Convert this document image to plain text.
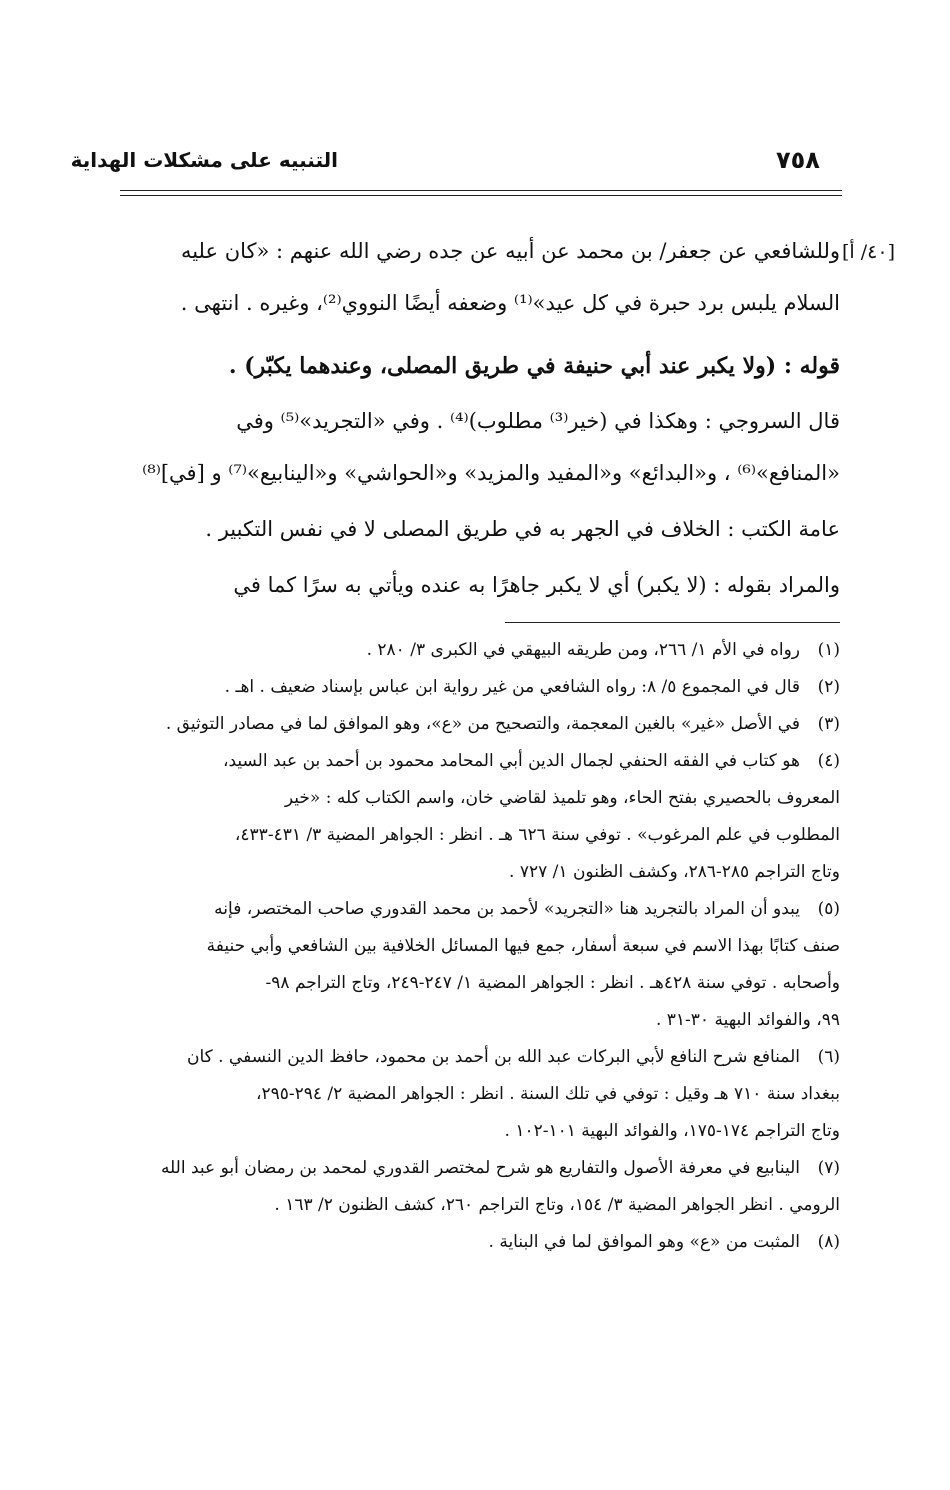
التنبيه على مشكلات الهداية	٧٥٨
[٤٠/ أ]
وللشافعي عن جعفر/ بن محمد عن أبيه عن جده رضي الله عنهم : «كان عليه
السلام يلبس برد حبرة في كل عيد»⁽¹⁾ وضعفه أيضًا النووي⁽²⁾، وغيره . انتهى .
قوله : (ولا يكبر عند أبي حنيفة في طريق المصلى، وعندهما يكبّر) .
قال السروجي : وهكذا في (خير⁽³⁾ مطلوب)⁽⁴⁾ . وفي «التجريد»⁽⁵⁾ وفي
«المنافع»⁽⁶⁾ ، و«البدائع» و«المفيد والمزيد» و«الحواشي» و«الينابيع»⁽⁷⁾ و [في]⁽⁸⁾
عامة الكتب : الخلاف في الجهر به في طريق المصلى لا في نفس التكبير .
والمراد بقوله : (لا يكبر) أي لا يكبر جاهرًا به عنده ويأتي به سرًا كما في
(١)
رواه في الأم ١/ ٢٦٦، ومن طريقه البيهقي في الكبرى ٣/ ٢٨٠ .
(٢)
قال في المجموع ٥/ ٨: رواه الشافعي من غير رواية ابن عباس بإسناد ضعيف . اهـ .
(٣)
في الأصل «غير» بالغين المعجمة، والتصحيح من «ع»، وهو الموافق لما في مصادر التوثيق .
(٤)
هو كتاب في الفقه الحنفي لجمال الدين أبي المحامد محمود بن أحمد بن عبد السيد،
المعروف بالحصيري بفتح الحاء، وهو تلميذ لقاضي خان، واسم الكتاب كله : «خير
المطلوب في علم المرغوب» . توفي سنة ٦٢٦ هـ . انظر : الجواهر المضية ٣/ ٤٣١-٤٣٣،
وتاج التراجم ٢٨٥-٢٨٦، وكشف الظنون ١/ ٧٢٧ .
(٥)
يبدو أن المراد بالتجريد هنا «التجريد» لأحمد بن محمد القدوري صاحب المختصر، فإنه
صنف كتابًا بهذا الاسم في سبعة أسفار، جمع فيها المسائل الخلافية بين الشافعي وأبي حنيفة
وأصحابه . توفي سنة ٤٢٨هـ . انظر : الجواهر المضية ١/ ٢٤٧-٢٤٩، وتاج التراجم ٩٨-
٩٩، والفوائد البهية ٣٠-٣١ .
(٦)
المنافع شرح النافع لأبي البركات عبد الله بن أحمد بن محمود، حافظ الدين النسفي . كان
ببغداد سنة ٧١٠ هـ وقيل : توفي في تلك السنة . انظر : الجواهر المضية ٢/ ٢٩٤-٢٩٥،
وتاج التراجم ١٧٤-١٧٥، والفوائد البهية ١٠١-١٠٢ .
(٧)
الينابيع في معرفة الأصول والتفاريع هو شرح لمختصر القدوري لمحمد بن رمضان أبو عبد الله
الرومي . انظر الجواهر المضية ٣/ ١٥٤، وتاج التراجم ٢٦٠، كشف الظنون ٢/ ١٦٣ .
(٨)
المثبت من «ع» وهو الموافق لما في البناية .
